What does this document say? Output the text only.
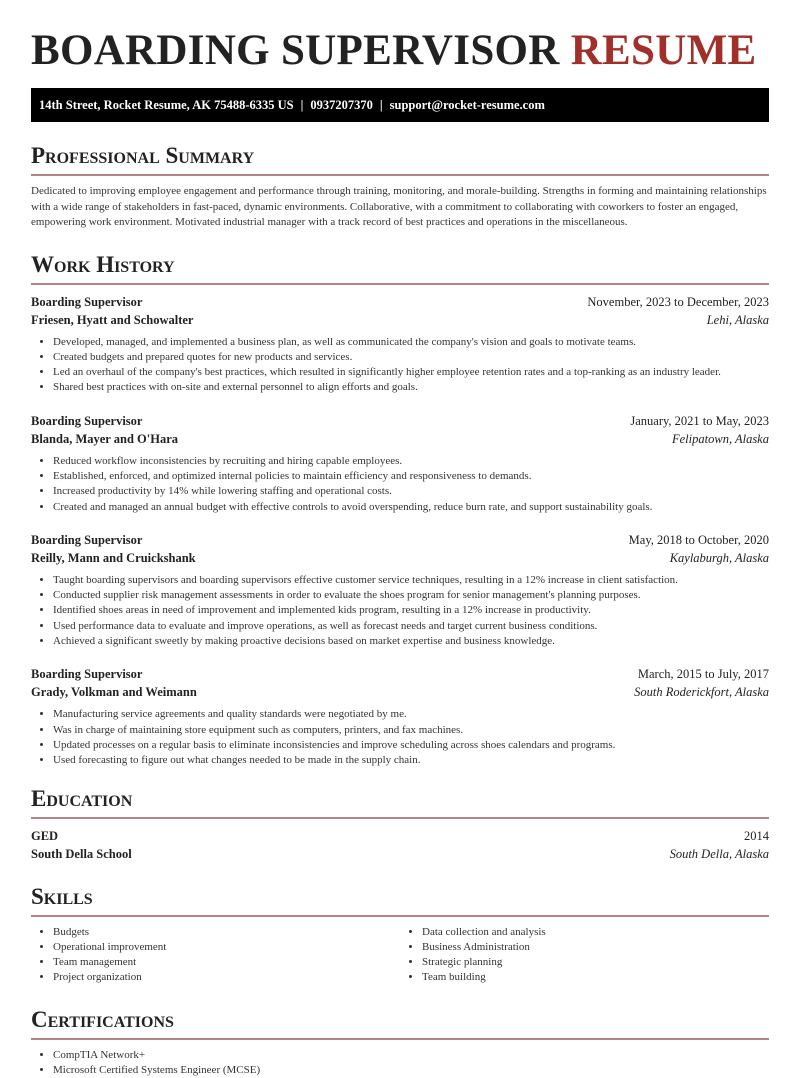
BOARDING SUPERVISOR RESUME
14th Street, Rocket Resume, AK 75488-6335 US | 0937207370 | support@rocket-resume.com
Professional Summary

Dedicated to improving employee engagement and performance through training, monitoring, and morale-building. Strengths in forming and maintaining relationships with a wide range of stakeholders in fast-paced, dynamic environments. Collaborative, with a commitment to collaborating with coworkers to foster an engaged, empowering work environment. Motivated industrial manager with a track record of best practices and operations in the miscellaneous.

Work History
Boarding Supervisor	November, 2023 to December, 2023
Friesen, Hyatt and Schowalter	Lehi, Alaska
• Developed, managed, and implemented a business plan, as well as communicated the company's vision and goals to motivate teams.
• Created budgets and prepared quotes for new products and services.
• Led an overhaul of the company's best practices, which resulted in significantly higher employee retention rates and a top-ranking as an industry leader.
• Shared best practices with on-site and external personnel to align efforts and goals.
Boarding Supervisor	January, 2021 to May, 2023
Blanda, Mayer and O'Hara	Felipatown, Alaska
• Reduced workflow inconsistencies by recruiting and hiring capable employees.
• Established, enforced, and optimized internal policies to maintain efficiency and responsiveness to demands.
• Increased productivity by 14% while lowering staffing and operational costs.
• Created and managed an annual budget with effective controls to avoid overspending, reduce burn rate, and support sustainability goals.
Boarding Supervisor	May, 2018 to October, 2020
Reilly, Mann and Cruickshank	Kaylaburgh, Alaska
• Taught boarding supervisors and boarding supervisors effective customer service techniques, resulting in a 12% increase in client satisfaction.
• Conducted supplier risk management assessments in order to evaluate the shoes program for senior management's planning purposes.
• Identified shoes areas in need of improvement and implemented kids program, resulting in a 12% increase in productivity.
• Used performance data to evaluate and improve operations, as well as forecast needs and target current business conditions.
• Achieved a significant sweetly by making proactive decisions based on market expertise and business knowledge.
Boarding Supervisor	March, 2015 to July, 2017
Grady, Volkman and Weimann	South Roderickfort, Alaska
• Manufacturing service agreements and quality standards were negotiated by me.
• Was in charge of maintaining store equipment such as computers, printers, and fax machines.
• Updated processes on a regular basis to eliminate inconsistencies and improve scheduling across shoes calendars and programs.
• Used forecasting to figure out what changes needed to be made in the supply chain.
Education
GED	2014
South Della School	South Della, Alaska
Skills
• Budgets
• Operational improvement
• Team management
• Project organization
• Data collection and analysis
• Business Administration
• Strategic planning
• Team building
Certifications
• CompTIA Network+
• Microsoft Certified Systems Engineer (MCSE)
